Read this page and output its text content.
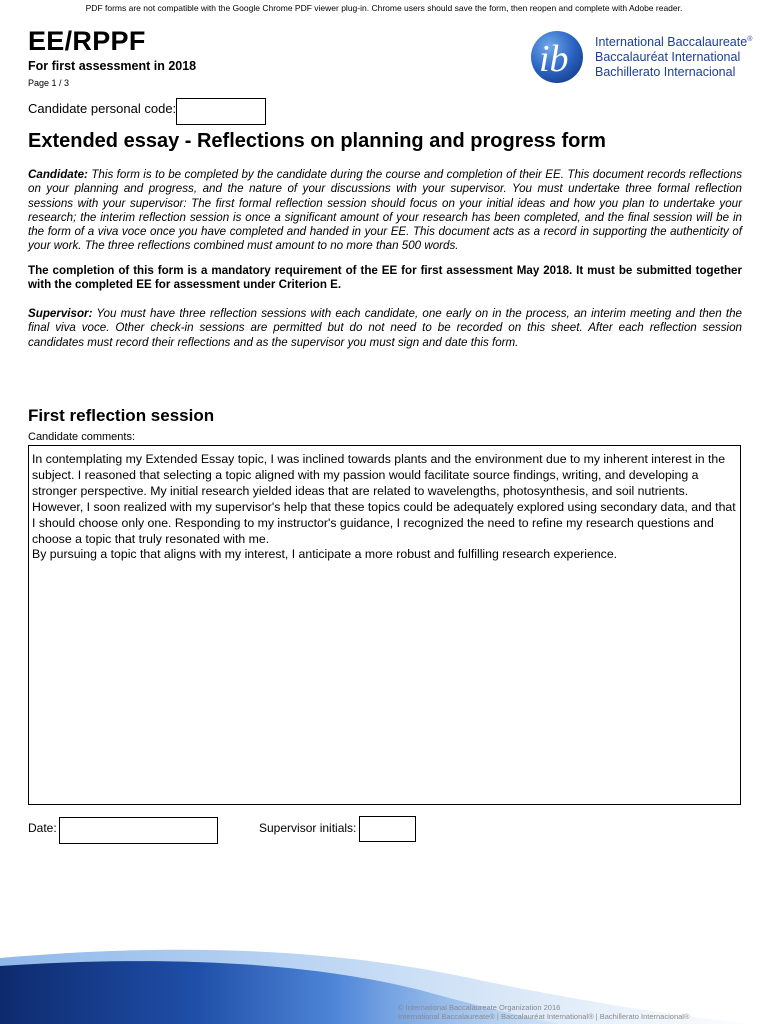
PDF forms are not compatible with the Google Chrome PDF viewer plug-in. Chrome users should save the form, then reopen and complete with Adobe reader.
EE/RPPF
For first assessment in 2018
Page 1 / 3
ib International Baccalaureate®
Baccalauréat International
Bachillerato Internacional
Candidate personal code:
Extended essay - Reflections on planning and progress form
Candidate: This form is to be completed by the candidate during the course and completion of their EE. This document records reflections on your planning and progress, and the nature of your discussions with your supervisor. You must undertake three formal reflection sessions with your supervisor: The first formal reflection session should focus on your initial ideas and how you plan to undertake your research; the interim reflection session is once a significant amount of your research has been completed, and the final session will be in the form of a viva voce once you have completed and handed in your EE. This document acts as a record in supporting the authenticity of your work. The three reflections combined must amount to no more than 500 words.
The completion of this form is a mandatory requirement of the EE for first assessment May 2018. It must be submitted together with the completed EE for assessment under Criterion E.
Supervisor: You must have three reflection sessions with each candidate, one early on in the process, an interim meeting and then the final viva voce. Other check-in sessions are permitted but do not need to be recorded on this sheet. After each reflection session candidates must record their reflections and as the supervisor you must sign and date this form.
First reflection session
Candidate comments:

In contemplating my Extended Essay topic, I was inclined towards plants and the environment due to my inherent interest in the subject. I reasoned that selecting a topic aligned with my passion would facilitate source findings, writing, and developing a stronger perspective. My initial research yielded ideas that are related to wavelengths, photosynthesis, and soil nutrients. However, I soon realized with my supervisor's help that these topics could be adequately explored using secondary data, and that I should choose only one. Responding to my instructor's guidance, I recognized the need to refine my research questions and choose a topic that truly resonated with me.

By pursuing a topic that aligns with my interest, I anticipate a more robust and fulfilling research experience.

Date:	Supervisor initials:
© International Baccalaureate Organization 2016
International Baccalaureate® | Baccalauréat International® | Bachillerato Internacional®
